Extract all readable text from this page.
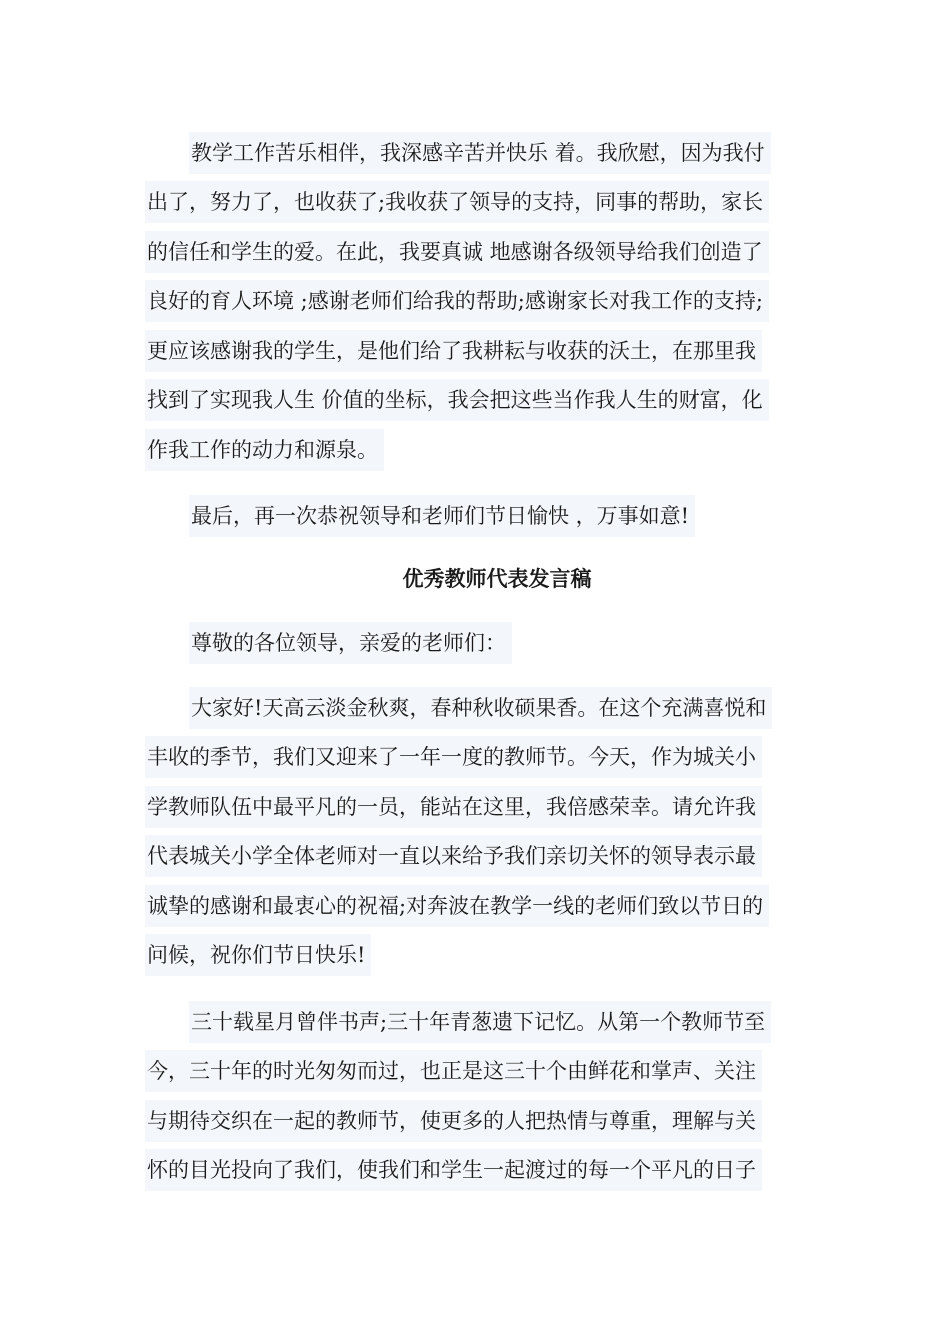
教学工作苦乐相伴，我深感辛苦并快乐 着。我欣慰，因为我付
出了，努力了，也收获了;我收获了领导的支持，同事的帮助，家长
的信任和学生的爱。在此，我要真诚 地感谢各级领导给我们创造了
良好的育人环境 ;感谢老师们给我的帮助;感谢家长对我工作的支持;
更应该感谢我的学生，是他们给了我耕耘与收获的沃土，在那里我
找到了实现我人生 价值的坐标，我会把这些当作我人生的财富，化
作我工作的动力和源泉。
最后，再一次恭祝领导和老师们节日愉快 ，万事如意!
优秀教师代表发言稿
尊敬的各位领导，亲爱的老师们：
大家好!天高云淡金秋爽，春种秋收硕果香。在这个充满喜悦和
丰收的季节，我们又迎来了一年一度的教师节。今天，作为城关小
学教师队伍中最平凡的一员，能站在这里，我倍感荣幸。请允许我
代表城关小学全体老师对一直以来给予我们亲切关怀的领导表示最
诚挚的感谢和最衷心的祝福;对奔波在教学一线的老师们致以节日的
问候，祝你们节日快乐!
三十载星月曾伴书声;三十年青葱遗下记忆。从第一个教师节至
今，三十年的时光匆匆而过，也正是这三十个由鲜花和掌声、关注
与期待交织在一起的教师节，使更多的人把热情与尊重，理解与关
怀的目光投向了我们，使我们和学生一起渡过的每一个平凡的日子
